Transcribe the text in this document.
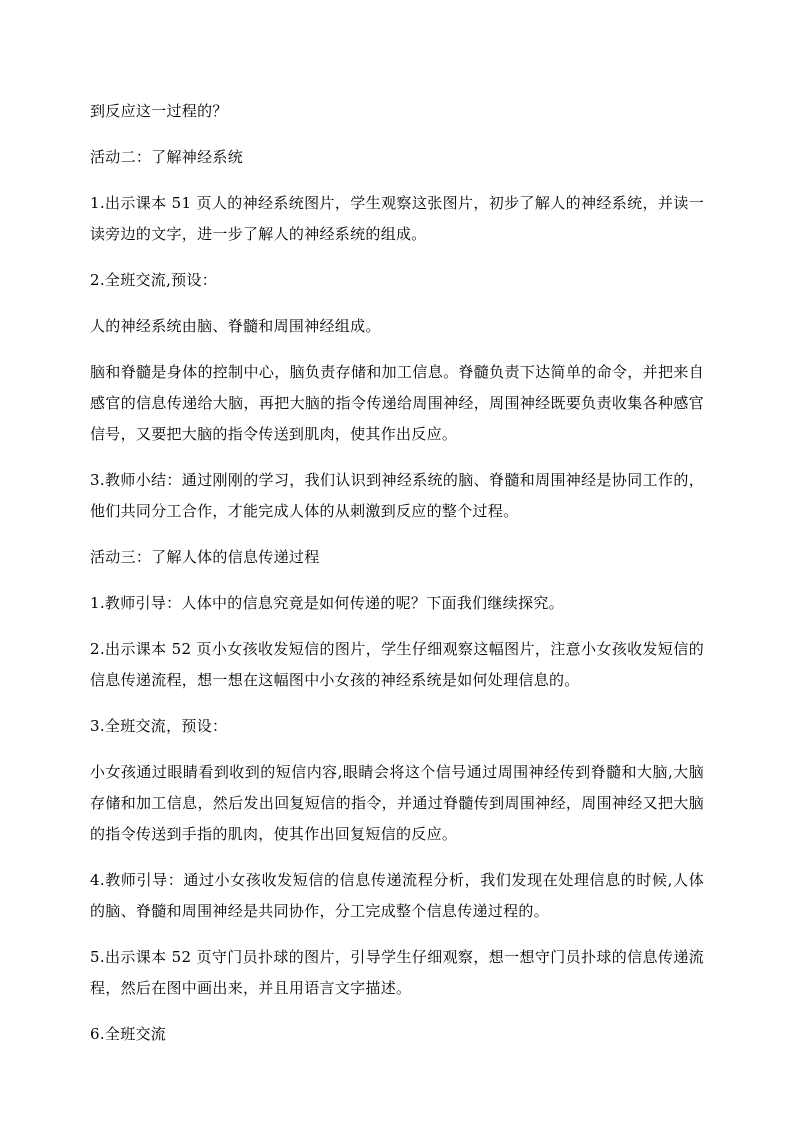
到反应这一过程的？

活动二：了解神经系统

1.出示课本 51 页人的神经系统图片，学生观察这张图片，初步了解人的神经系统，并读一读旁边的文字，进一步了解人的神经系统的组成。

2.全班交流,预设：

人的神经系统由脑、脊髓和周围神经组成。

脑和脊髓是身体的控制中心，脑负责存储和加工信息。脊髓负责下达简单的命令，并把来自感官的信息传递给大脑，再把大脑的指令传递给周围神经，周围神经既要负责收集各种感官信号，又要把大脑的指令传送到肌肉，使其作出反应。

3.教师小结：通过刚刚的学习，我们认识到神经系统的脑、脊髓和周围神经是协同工作的，他们共同分工合作，才能完成人体的从刺激到反应的整个过程。

活动三：了解人体的信息传递过程

1.教师引导：人体中的信息究竟是如何传递的呢？下面我们继续探究。

2.出示课本 52 页小女孩收发短信的图片，学生仔细观察这幅图片，注意小女孩收发短信的信息传递流程，想一想在这幅图中小女孩的神经系统是如何处理信息的。

3.全班交流，预设：

小女孩通过眼睛看到收到的短信内容,眼睛会将这个信号通过周围神经传到脊髓和大脑,大脑存储和加工信息，然后发出回复短信的指令，并通过脊髓传到周围神经，周围神经又把大脑的指令传送到手指的肌肉，使其作出回复短信的反应。

4.教师引导：通过小女孩收发短信的信息传递流程分析，我们发现在处理信息的时候,人体的脑、脊髓和周围神经是共同协作，分工完成整个信息传递过程的。

5.出示课本 52 页守门员扑球的图片，引导学生仔细观察，想一想守门员扑球的信息传递流程，然后在图中画出来，并且用语言文字描述。

6.全班交流
